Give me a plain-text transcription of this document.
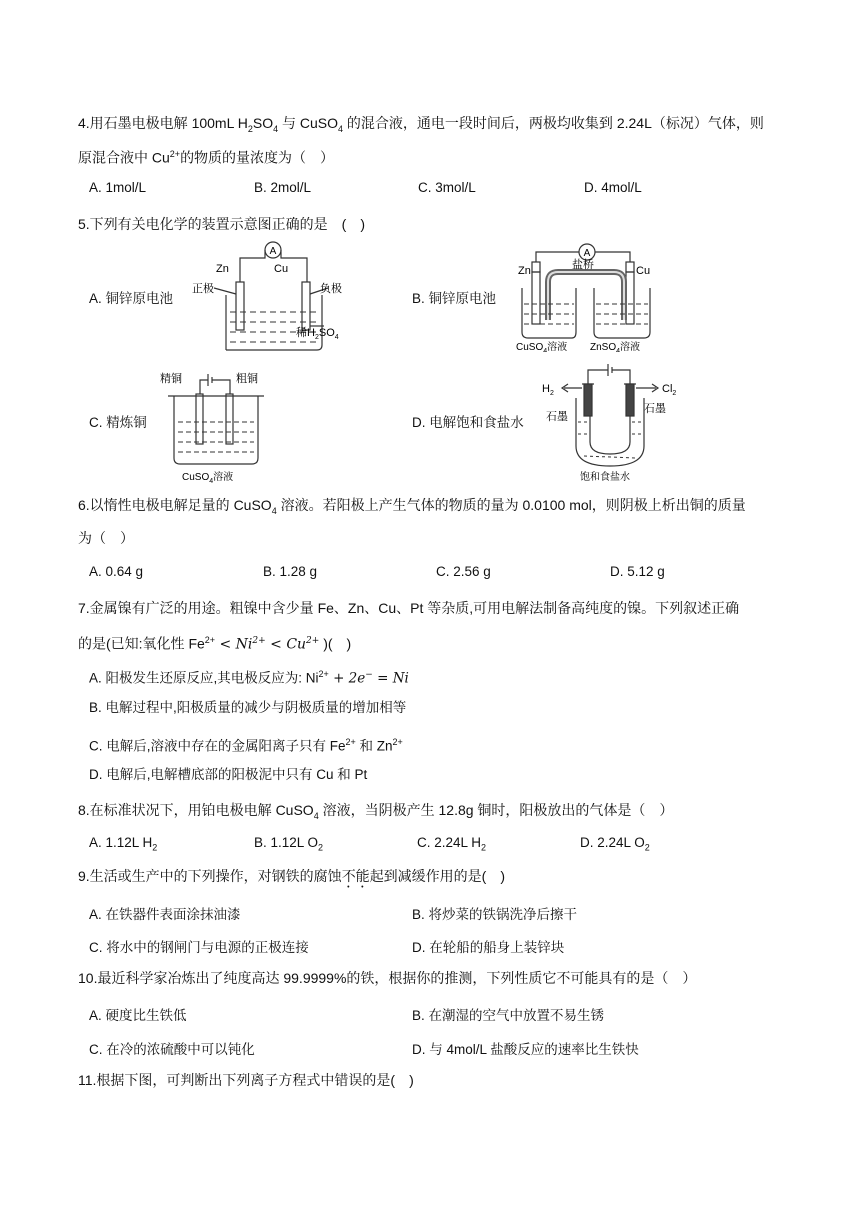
4.用石墨电极电解 100mL $H_2SO_4$ 与 CuSO$_4$ 的混合液，通电一段时间后，两极均收集到 2.24L（标况）气体，则
原混合液中 $Cu^{2+}$的物质的量浓度为（　）
A. 1mol/L	B. 2mol/L	C. 3mol/L	D. 4mol/L
5.下列有关电化学的装置示意图正确的是　(　)
A. 铜锌原电池	B. 铜锌原电池
C. 精炼铜	D. 电解饱和食盐水
A
Zn	Cu
正极	负极
稀$H_2SO_4$
A
盐桥
Zn	Cu
CuSO$_4$溶液 ZnSO$_4$溶液
精铜	粗铜
CuSO$_4$溶液
$H_2$	$Cl_2$
石墨
石墨
饱和食盐水
6.以惰性电极电解足量的 CuSO$_4$ 溶液。若阳极上产生气体的物质的量为 0.0100 mol，则阴极上析出铜的质量
为（　）
A. 0.64 g	B. 1.28 g	C. 2.56 g	D. 5.12 g
7.金属镍有广泛的用途。粗镍中含少量 Fe、Zn、Cu、Pt 等杂质,可用电解法制备高纯度的镍。下列叙述正确
的是(已知:氧化性 $Fe^{2+} < Ni^{2+} < Cu^{2+}$ )(　)
A. 阳极发生还原反应,其电极反应为: $Ni^{2+} + 2e^- = Ni$
B. 电解过程中,阳极质量的减少与阴极质量的增加相等
C. 电解后,溶液中存在的金属阳离子只有 $Fe^{2+}$ 和 $Zn^{2+}$
D. 电解后,电解槽底部的阳极泥中只有 Cu 和 Pt
8.在标准状况下，用铂电极电解 CuSO$_4$ 溶液，当阴极产生 12.8g 铜时，阳极放出的气体是（　）
A. 1.12L $H_2$	B. 1.12L $O_2$	C. 2.24L $H_2$	D. 2.24L $O_2$
9.生活或生产中的下列操作，对钢铁的腐蚀不能起到减缓作用的是(　)
A. 在铁器件表面涂抹油漆	B. 将炒菜的铁锅洗净后擦干
C. 将水中的钢闸门与电源的正极连接	D. 在轮船的船身上装锌块
10.最近科学家冶炼出了纯度高达 99.9999%的铁，根据你的推测，下列性质它不可能具有的是（　）
A. 硬度比生铁低	B. 在潮湿的空气中放置不易生锈
C. 在冷的浓硫酸中可以钝化	D. 与 4mol/L 盐酸反应的速率比生铁快
11.根据下图，可判断出下列离子方程式中错误的是(　)
